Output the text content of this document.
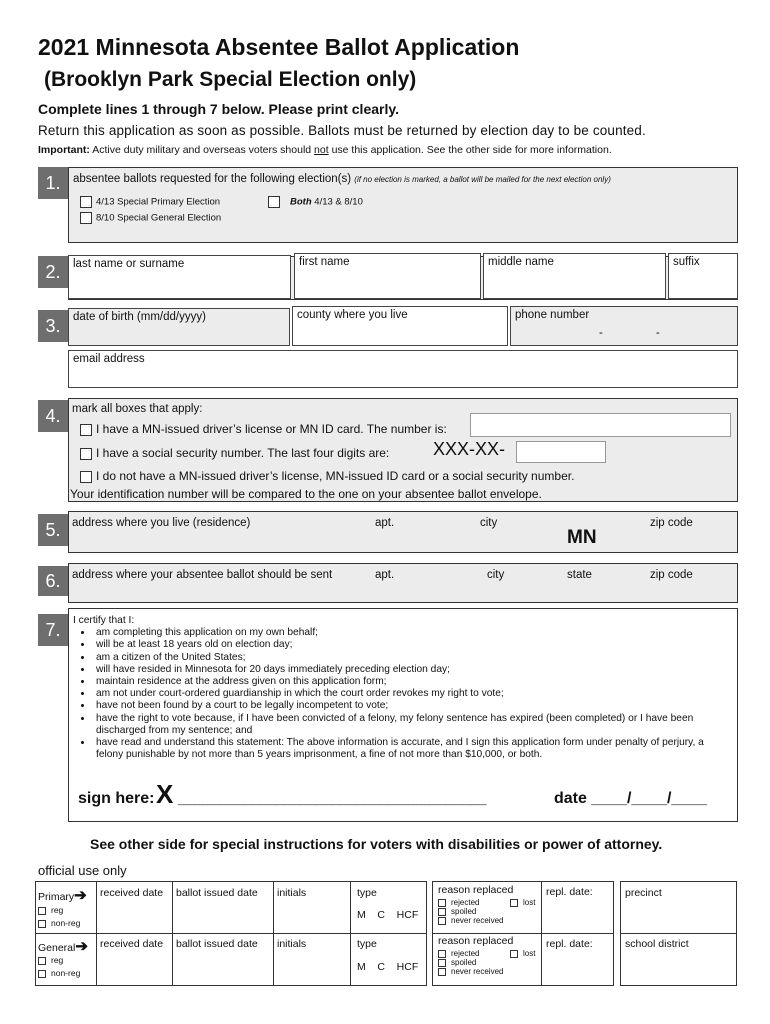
2021 Minnesota Absentee Ballot Application
(Brooklyn Park Special Election only)
Complete lines 1 through 7 below. Please print clearly.
Return this application as soon as possible. Ballots must be returned by election day to be counted.
Important: Active duty military and overseas voters should not use this application. See the other side for more information.
1.	absentee ballots requested for the following election(s) (if no election is marked, a ballot will be mailed for the next election only)
4/13 Special Primary Election
8/10 Special General Election
Both 4/13 & 8/10
2.	last name or surname	first name	middle name	suffix
3.	date of birth (mm/dd/yyyy)	county where you live	phone number
-	-
email address
4.	mark all boxes that apply:
I have a MN-issued driver’s license or MN ID card. The number is:
I have a social security number. The last four digits are: XXX-XX-
I do not have a MN-issued driver’s license, MN-issued ID card or a social security number.
Your identification number will be compared to the one on your absentee ballot envelope.
5.	address where you live (residence)	apt.	city	zip code
MN
6.	address where your absentee ballot should be sent	apt.	city	state	zip code
7.	I certify that I:
• am completing this application on my own behalf;
• will be at least 18 years old on election day;
• am a citizen of the United States;
• will have resided in Minnesota for 20 days immediately preceding election day;
• maintain residence at the address given on this application form;
• am not under court-ordered guardianship in which the court order revokes my right to vote;
• have not been found by a court to be legally incompetent to vote;
• have the right to vote because, if I have been convicted of a felony, my felony sentence has expired (been completed) or I have been discharged from my sentence; and
• have read and understand this statement: The above information is accurate, and I sign this application form under penalty of perjury, a felony punishable by not more than 5 years imprisonment, a fine of not more than $10,000, or both.
sign here: X ______________________________________	date ____/____/____
See other side for special instructions for voters with disabilities or power of attorney.
official use only
Primary➔
reg
non-reg
received date ballot issued date initials	type
M    C    HCF
reason replaced
rejected	lost
spoiled
never received
repl. date:	precinct
General➔
reg
non-reg
received date ballot issued date initials	type
M    C    HCF
reason replaced
rejected	lost
spoiled
never received
repl. date:	school district
